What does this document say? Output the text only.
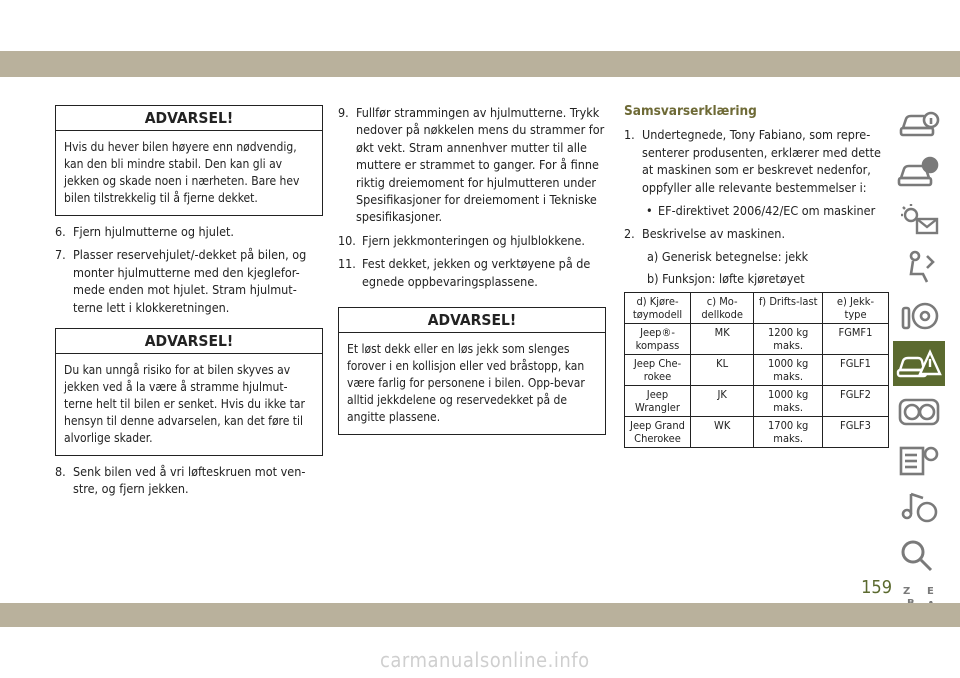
ADVARSEL!
Hvis du hever bilen høyere enn nødvendig, kan den bli mindre stabil. Den kan gli av jekken og skade noen i nærheten. Bare hev bilen tilstrekkelig til å fjerne dekket.
6. Fjern hjulmutterne og hjulet.
7. Plasser reservehjulet/-dekket på bilen, og monter hjulmutterne med den kjeglefor-mede enden mot hjulet. Stram hjulmut-terne lett i klokkeretningen.
ADVARSEL!
Du kan unngå risiko for at bilen skyves av jekken ved å la være å stramme hjulmut-terne helt til bilen er senket. Hvis du ikke tar hensyn til denne advarselen, kan det føre til alvorlige skader.
8. Senk bilen ved å vri løfteskruen mot ven-stre, og fjern jekken.
9. Fullfør strammingen av hjulmutterne. Trykk nedover på nøkkelen mens du strammer for økt vekt. Stram annenhver mutter til alle muttere er strammet to ganger. For å finne riktig dreiemoment for hjulmutteren under Spesifikasjoner for dreiemoment i Tekniske spesifikasjoner.
10. Fjern jekkmonteringen og hjulblokkene.
11. Fest dekket, jekken og verktøyene på de egnede oppbevaringsplassene.
ADVARSEL!
Et løst dekk eller en løs jekk som slenges forover i en kollisjon eller ved bråstopp, kan være farlig for personene i bilen. Opp-bevar alltid jekkdelene og reservedekket på de angitte plassene.
Samsvarserklæring
1. Undertegnede, Tony Fabiano, som repre-senterer produsenten, erklærer med dette at maskinen som er beskrevet nedenfor, oppfyller alle relevante bestemmelser i:
• EF-direktivet 2006/42/EC om maskiner
2. Beskrivelse av maskinen.
a) Generisk betegnelse: jekk
b) Funksjon: løfte kjøretøyet
d) Kjøre-tøymodell	c) Mo-dellkode	f) Drifts-last	e) Jekk-type
Jeep®-kompass	MK	1200 kg maks.	FGMF1
Jeep Che-rokee	KL	1000 kg maks.	FGLF1
Jeep Wrangler	JK	1000 kg maks.	FGLF2
Jeep Grand Cherokee	WK	1700 kg maks.	FGLF3
Z E
159
carmanualsonline.info
